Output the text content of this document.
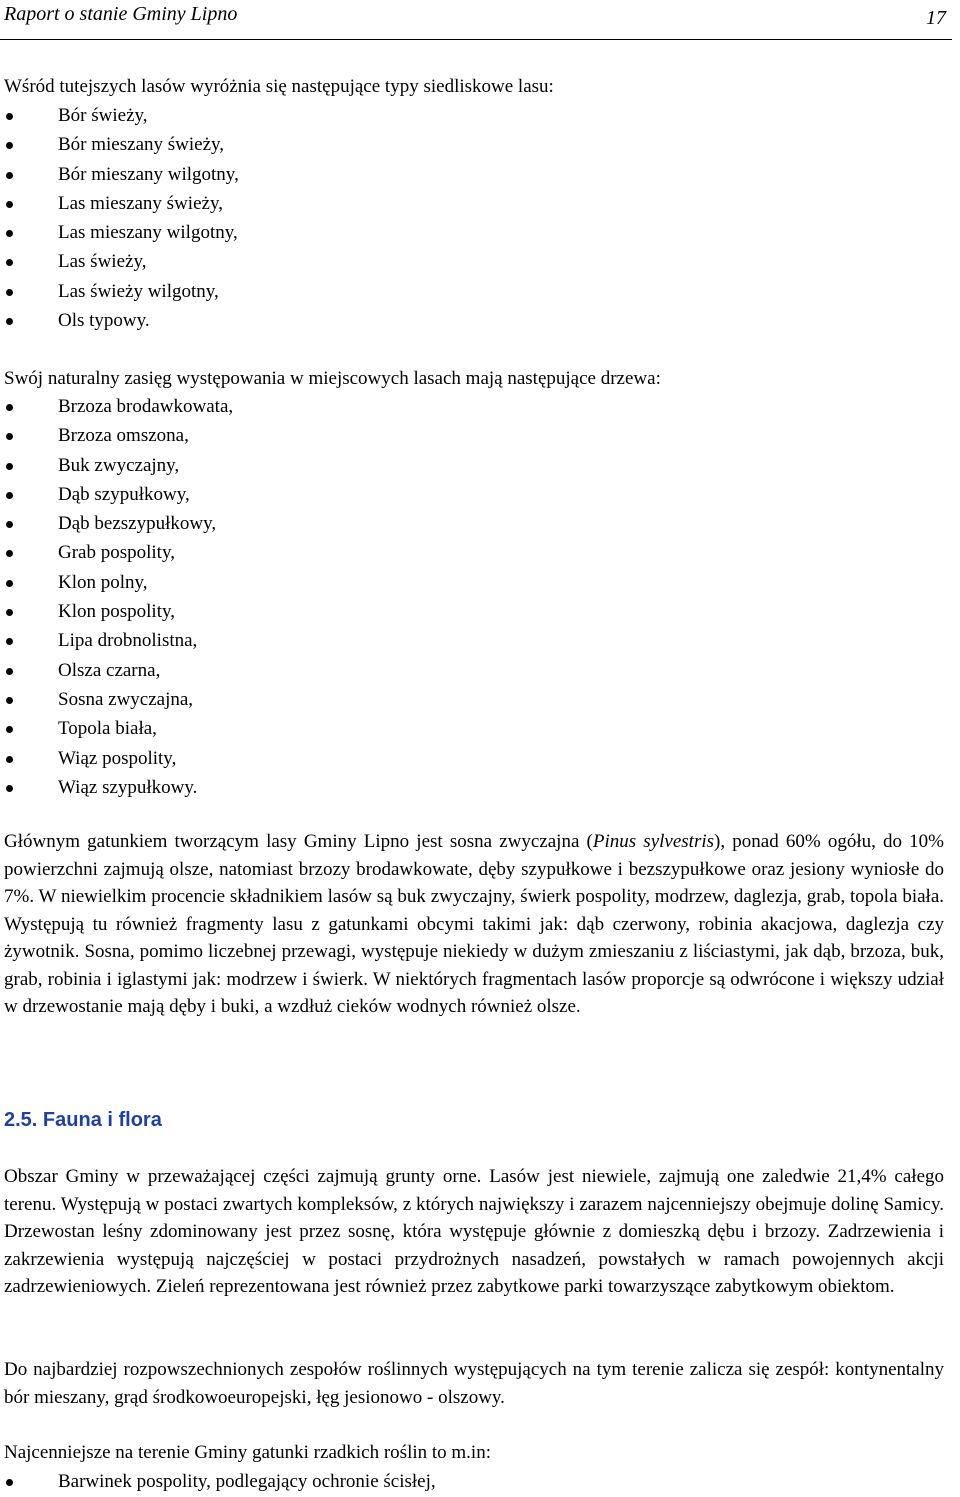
Raport o stanie Gminy Lipno	17

Wśród tutejszych lasów wyróżnia się następujące typy siedliskowe lasu:

Bór świeży,
Bór mieszany świeży,
Bór mieszany wilgotny,
Las mieszany świeży,
Las mieszany wilgotny,
Las świeży,
Las świeży wilgotny,
Ols typowy.

Swój naturalny zasięg występowania w miejscowych lasach mają następujące drzewa:

Brzoza brodawkowata,
Brzoza omszona,
Buk zwyczajny,
Dąb szypułkowy,
Dąb bezszypułkowy,
Grab pospolity,
Klon polny,
Klon pospolity,
Lipa drobnolistna,
Olsza czarna,
Sosna zwyczajna,
Topola biała,
Wiąz pospolity,
Wiąz szypułkowy.

Głównym gatunkiem tworzącym lasy Gminy Lipno jest sosna zwyczajna (Pinus sylvestris), ponad 60% ogółu, do 10% powierzchni zajmują olsze, natomiast brzozy brodawkowate, dęby szypułkowe i bezszypułkowe oraz jesiony wyniosłe do 7%. W niewielkim procencie składnikiem lasów są buk zwyczajny, świerk pospolity, modrzew, daglezja, grab, topola biała. Występują tu również fragmenty lasu z gatunkami obcymi takimi jak: dąb czerwony, robinia akacjowa, daglezja czy żywotnik. Sosna, pomimo liczebnej przewagi, występuje niekiedy w dużym zmieszaniu z liściastymi, jak dąb, brzoza, buk, grab, robinia i iglastymi jak: modrzew i świerk. W niektórych fragmentach lasów proporcje są odwrócone i większy udział w drzewostanie mają dęby i buki, a wzdłuż cieków wodnych również olsze.

2.5. Fauna i flora

Obszar Gminy w przeważającej części zajmują grunty orne. Lasów jest niewiele, zajmują one zaledwie 21,4% całego terenu. Występują w postaci zwartych kompleksów, z których największy i zarazem najcenniejszy obejmuje dolinę Samicy. Drzewostan leśny zdominowany jest przez sosnę, która występuje głównie z domieszką dębu i brzozy. Zadrzewienia i zakrzewienia występują najczęściej w postaci przydrożnych nasadzeń, powstałych w ramach powojennych akcji zadrzewieniowych. Zieleń reprezentowana jest również przez zabytkowe parki towarzyszące zabytkowym obiektom.

Do najbardziej rozpowszechnionych zespołów roślinnych występujących na tym terenie zalicza się zespół: kontynentalny bór mieszany, grąd środkowoeuropejski, łęg jesionowo - olszowy.

Najcenniejsze na terenie Gminy gatunki rzadkich roślin to m.in:

Barwinek pospolity, podlegający ochronie ścisłej,
